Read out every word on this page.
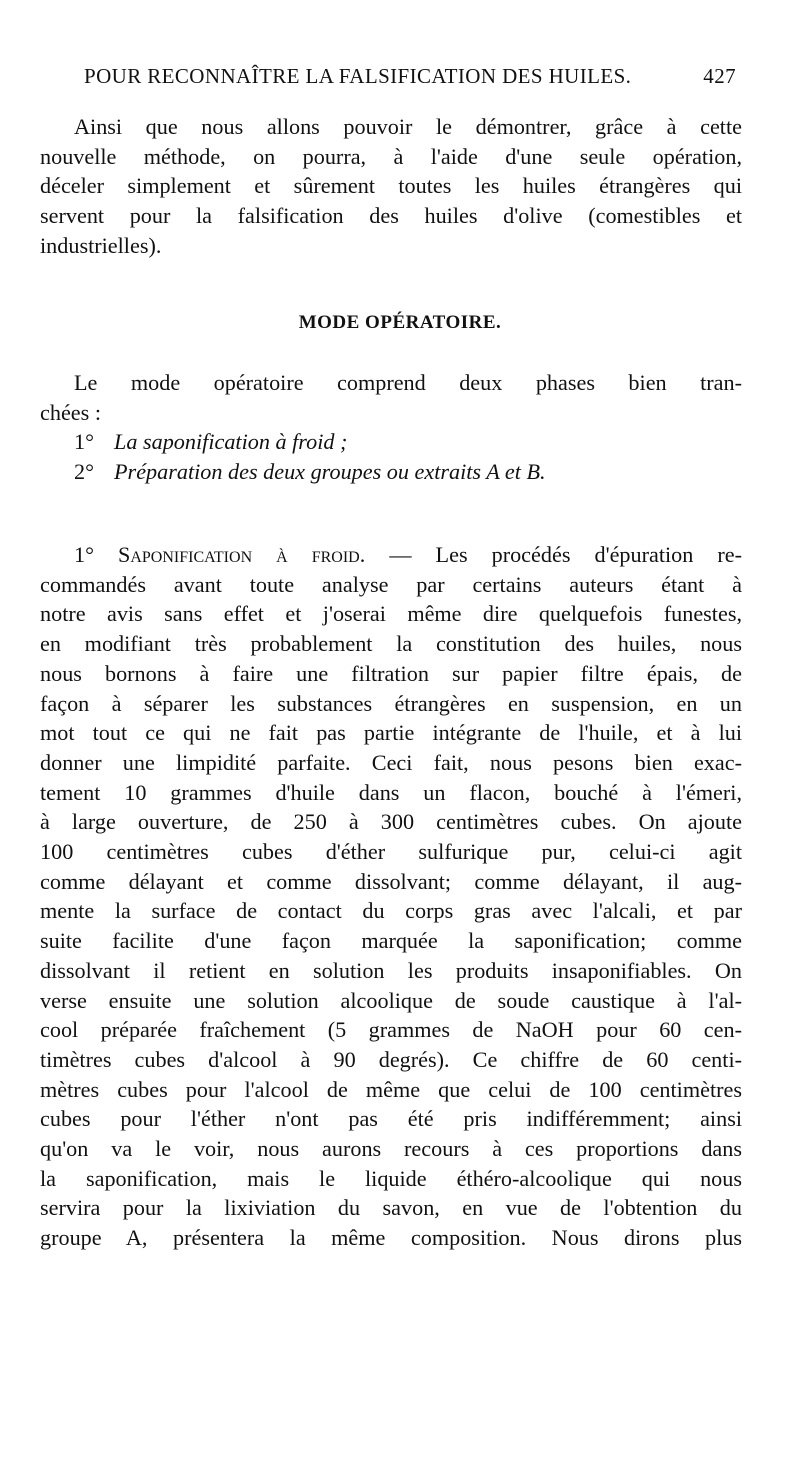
POUR RECONNAÎTRE LA FALSIFICATION DES HUILES.	427
Ainsi que nous allons pouvoir le démontrer, grâce à cette
nouvelle méthode, on pourra, à l'aide d'une seule opération,
déceler simplement et sûrement toutes les huiles étrangères qui
servent pour la falsification des huiles d'olive (comestibles et
industrielles).
MODE OPÉRATOIRE.
Le mode opératoire comprend deux phases bien tran-
chées :
1° La saponification à froid ;
2° Préparation des deux groupes ou extraits A et B.
1° Saponification à froid. — Les procédés d'épuration re-
commandés avant toute analyse par certains auteurs étant à
notre avis sans effet et j'oserai même dire quelquefois funestes,
en modifiant très probablement la constitution des huiles, nous
nous bornons à faire une filtration sur papier filtre épais, de
façon à séparer les substances étrangères en suspension, en un
mot tout ce qui ne fait pas partie intégrante de l'huile, et à lui
donner une limpidité parfaite. Ceci fait, nous pesons bien exac-
tement 10 grammes d'huile dans un flacon, bouché à l'émeri,
à large ouverture, de 250 à 300 centimètres cubes. On ajoute
100 centimètres cubes d'éther sulfurique pur, celui-ci agit
comme délayant et comme dissolvant; comme délayant, il aug-
mente la surface de contact du corps gras avec l'alcali, et par
suite facilite d'une façon marquée la saponification; comme
dissolvant il retient en solution les produits insaponifiables. On
verse ensuite une solution alcoolique de soude caustique à l'al-
cool préparée fraîchement (5 grammes de NaOH pour 60 cen-
timètres cubes d'alcool à 90 degrés). Ce chiffre de 60 centi-
mètres cubes pour l'alcool de même que celui de 100 centimètres
cubes pour l'éther n'ont pas été pris indifféremment; ainsi
qu'on va le voir, nous aurons recours à ces proportions dans
la saponification, mais le liquide éthéro-alcoolique qui nous
servira pour la lixiviation du savon, en vue de l'obtention du
groupe A, présentera la même composition. Nous dirons plus
